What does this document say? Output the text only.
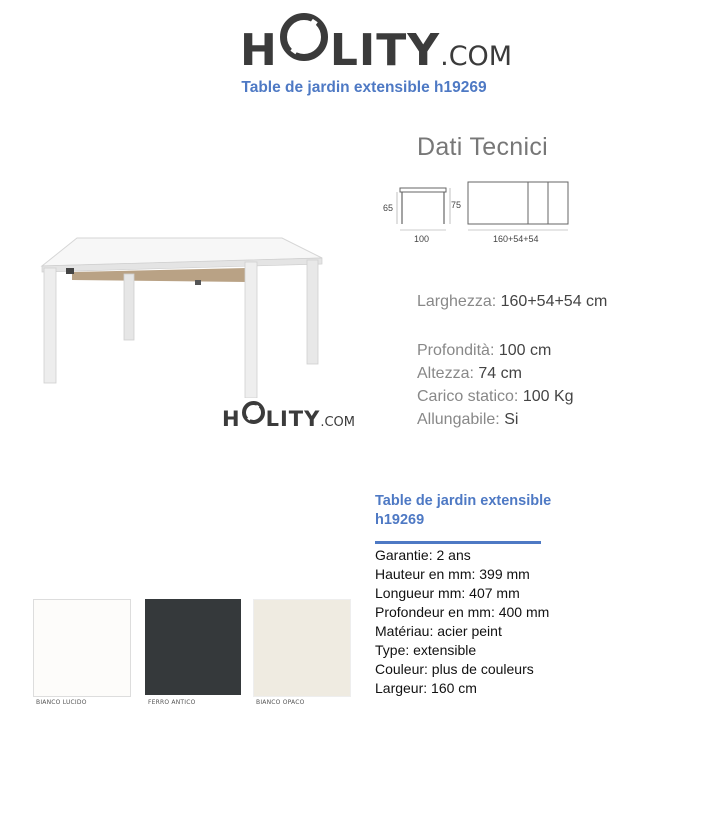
H LITY .COM
Table de jardin extensible h19269
H LITY .COM
Dati Tecnici
65	75
100	160+54+54
Larghezza: 160+54+54 cm
Profondità: 100 cm
Altezza: 74 cm
Carico statico: 100 Kg
Allungabile: Si
BIANCO LUCIDO	FERRO ANTICO	BIANCO OPACO
Table de jardin extensible h19269
Garantie: 2 ans
Hauteur en mm: 399 mm
Longueur mm: 407 mm
Profondeur en mm: 400 mm
Matériau: acier peint
Type: extensible
Couleur: plus de couleurs
Largeur: 160 cm
